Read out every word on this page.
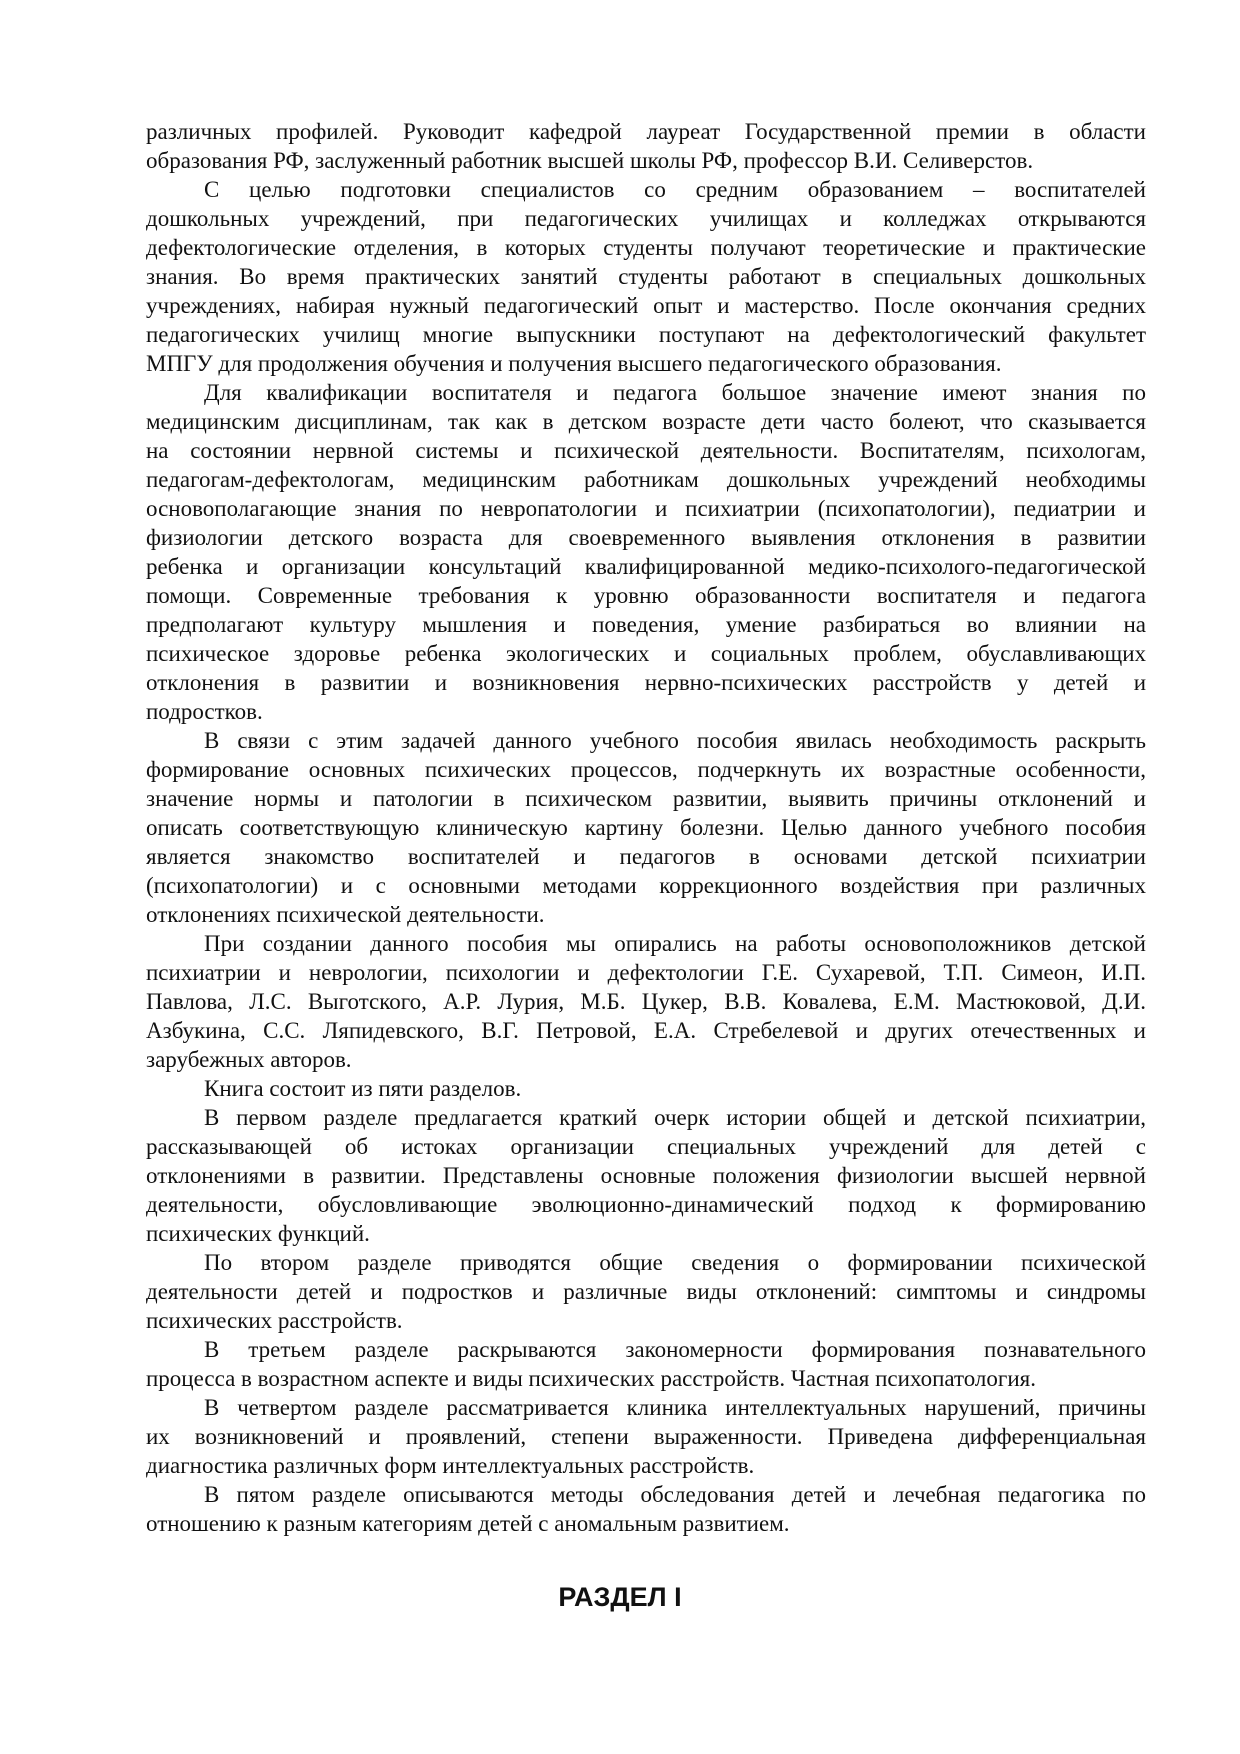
различных профилей. Руководит кафедрой лауреат Государственной премии в области
образования РФ, заслуженный работник высшей школы РФ, профессор В.И. Селиверстов.
С целью подготовки специалистов со средним образованием – воспитателей
дошкольных учреждений, при педагогических училищах и колледжах открываются
дефектологические отделения, в которых студенты получают теоретические и практические
знания. Во время практических занятий студенты работают в специальных дошкольных
учреждениях, набирая нужный педагогический опыт и мастерство. После окончания средних
педагогических училищ многие выпускники поступают на дефектологический факультет
МПГУ для продолжения обучения и получения высшего педагогического образования.
Для квалификации воспитателя и педагога большое значение имеют знания по
медицинским дисциплинам, так как в детском возрасте дети часто болеют, что сказывается
на состоянии нервной системы и психической деятельности. Воспитателям, психологам,
педагогам-дефектологам, медицинским работникам дошкольных учреждений необходимы
основополагающие знания по невропатологии и психиатрии (психопатологии), педиатрии и
физиологии детского возраста для своевременного выявления отклонения в развитии
ребенка и организации консультаций квалифицированной медико-психолого-педагогической
помощи. Современные требования к уровню образованности воспитателя и педагога
предполагают культуру мышления и поведения, умение разбираться во влиянии на
психическое здоровье ребенка экологических и социальных проблем, обуславливающих
отклонения в развитии и возникновения нервно-психических расстройств у детей и
подростков.
В связи с этим задачей данного учебного пособия явилась необходимость раскрыть
формирование основных психических процессов, подчеркнуть их возрастные особенности,
значение нормы и патологии в психическом развитии, выявить причины отклонений и
описать соответствующую клиническую картину болезни. Целью данного учебного пособия
является знакомство воспитателей и педагогов в основами детской психиатрии
(психопатологии) и с основными методами коррекционного воздействия при различных
отклонениях психической деятельности.
При создании данного пособия мы опирались на работы основоположников детской
психиатрии и неврологии, психологии и дефектологии Г.Е. Сухаревой, Т.П. Симеон, И.П.
Павлова, Л.С. Выготского, А.Р. Лурия, М.Б. Цукер, В.В. Ковалева, Е.М. Мастюковой, Д.И.
Азбукина, С.С. Ляпидевского, В.Г. Петровой, Е.А. Стребелевой и других отечественных и
зарубежных авторов.
Книга состоит из пяти разделов.
В первом разделе предлагается краткий очерк истории общей и детской психиатрии,
рассказывающей об истоках организации специальных учреждений для детей с
отклонениями в развитии. Представлены основные положения физиологии высшей нервной
деятельности, обусловливающие эволюционно-динамический подход к формированию
психических функций.
По втором разделе приводятся общие сведения о формировании психической
деятельности детей и подростков и различные виды отклонений: симптомы и синдромы
психических расстройств.
В третьем разделе раскрываются закономерности формирования познавательного
процесса в возрастном аспекте и виды психических расстройств. Частная психопатология.
В четвертом разделе рассматривается клиника интеллектуальных нарушений, причины
их возникновений и проявлений, степени выраженности. Приведена дифференциальная
диагностика различных форм интеллектуальных расстройств.
В пятом разделе описываются методы обследования детей и лечебная педагогика по
отношению к разным категориям детей с аномальным развитием.
РАЗДЕЛ I
